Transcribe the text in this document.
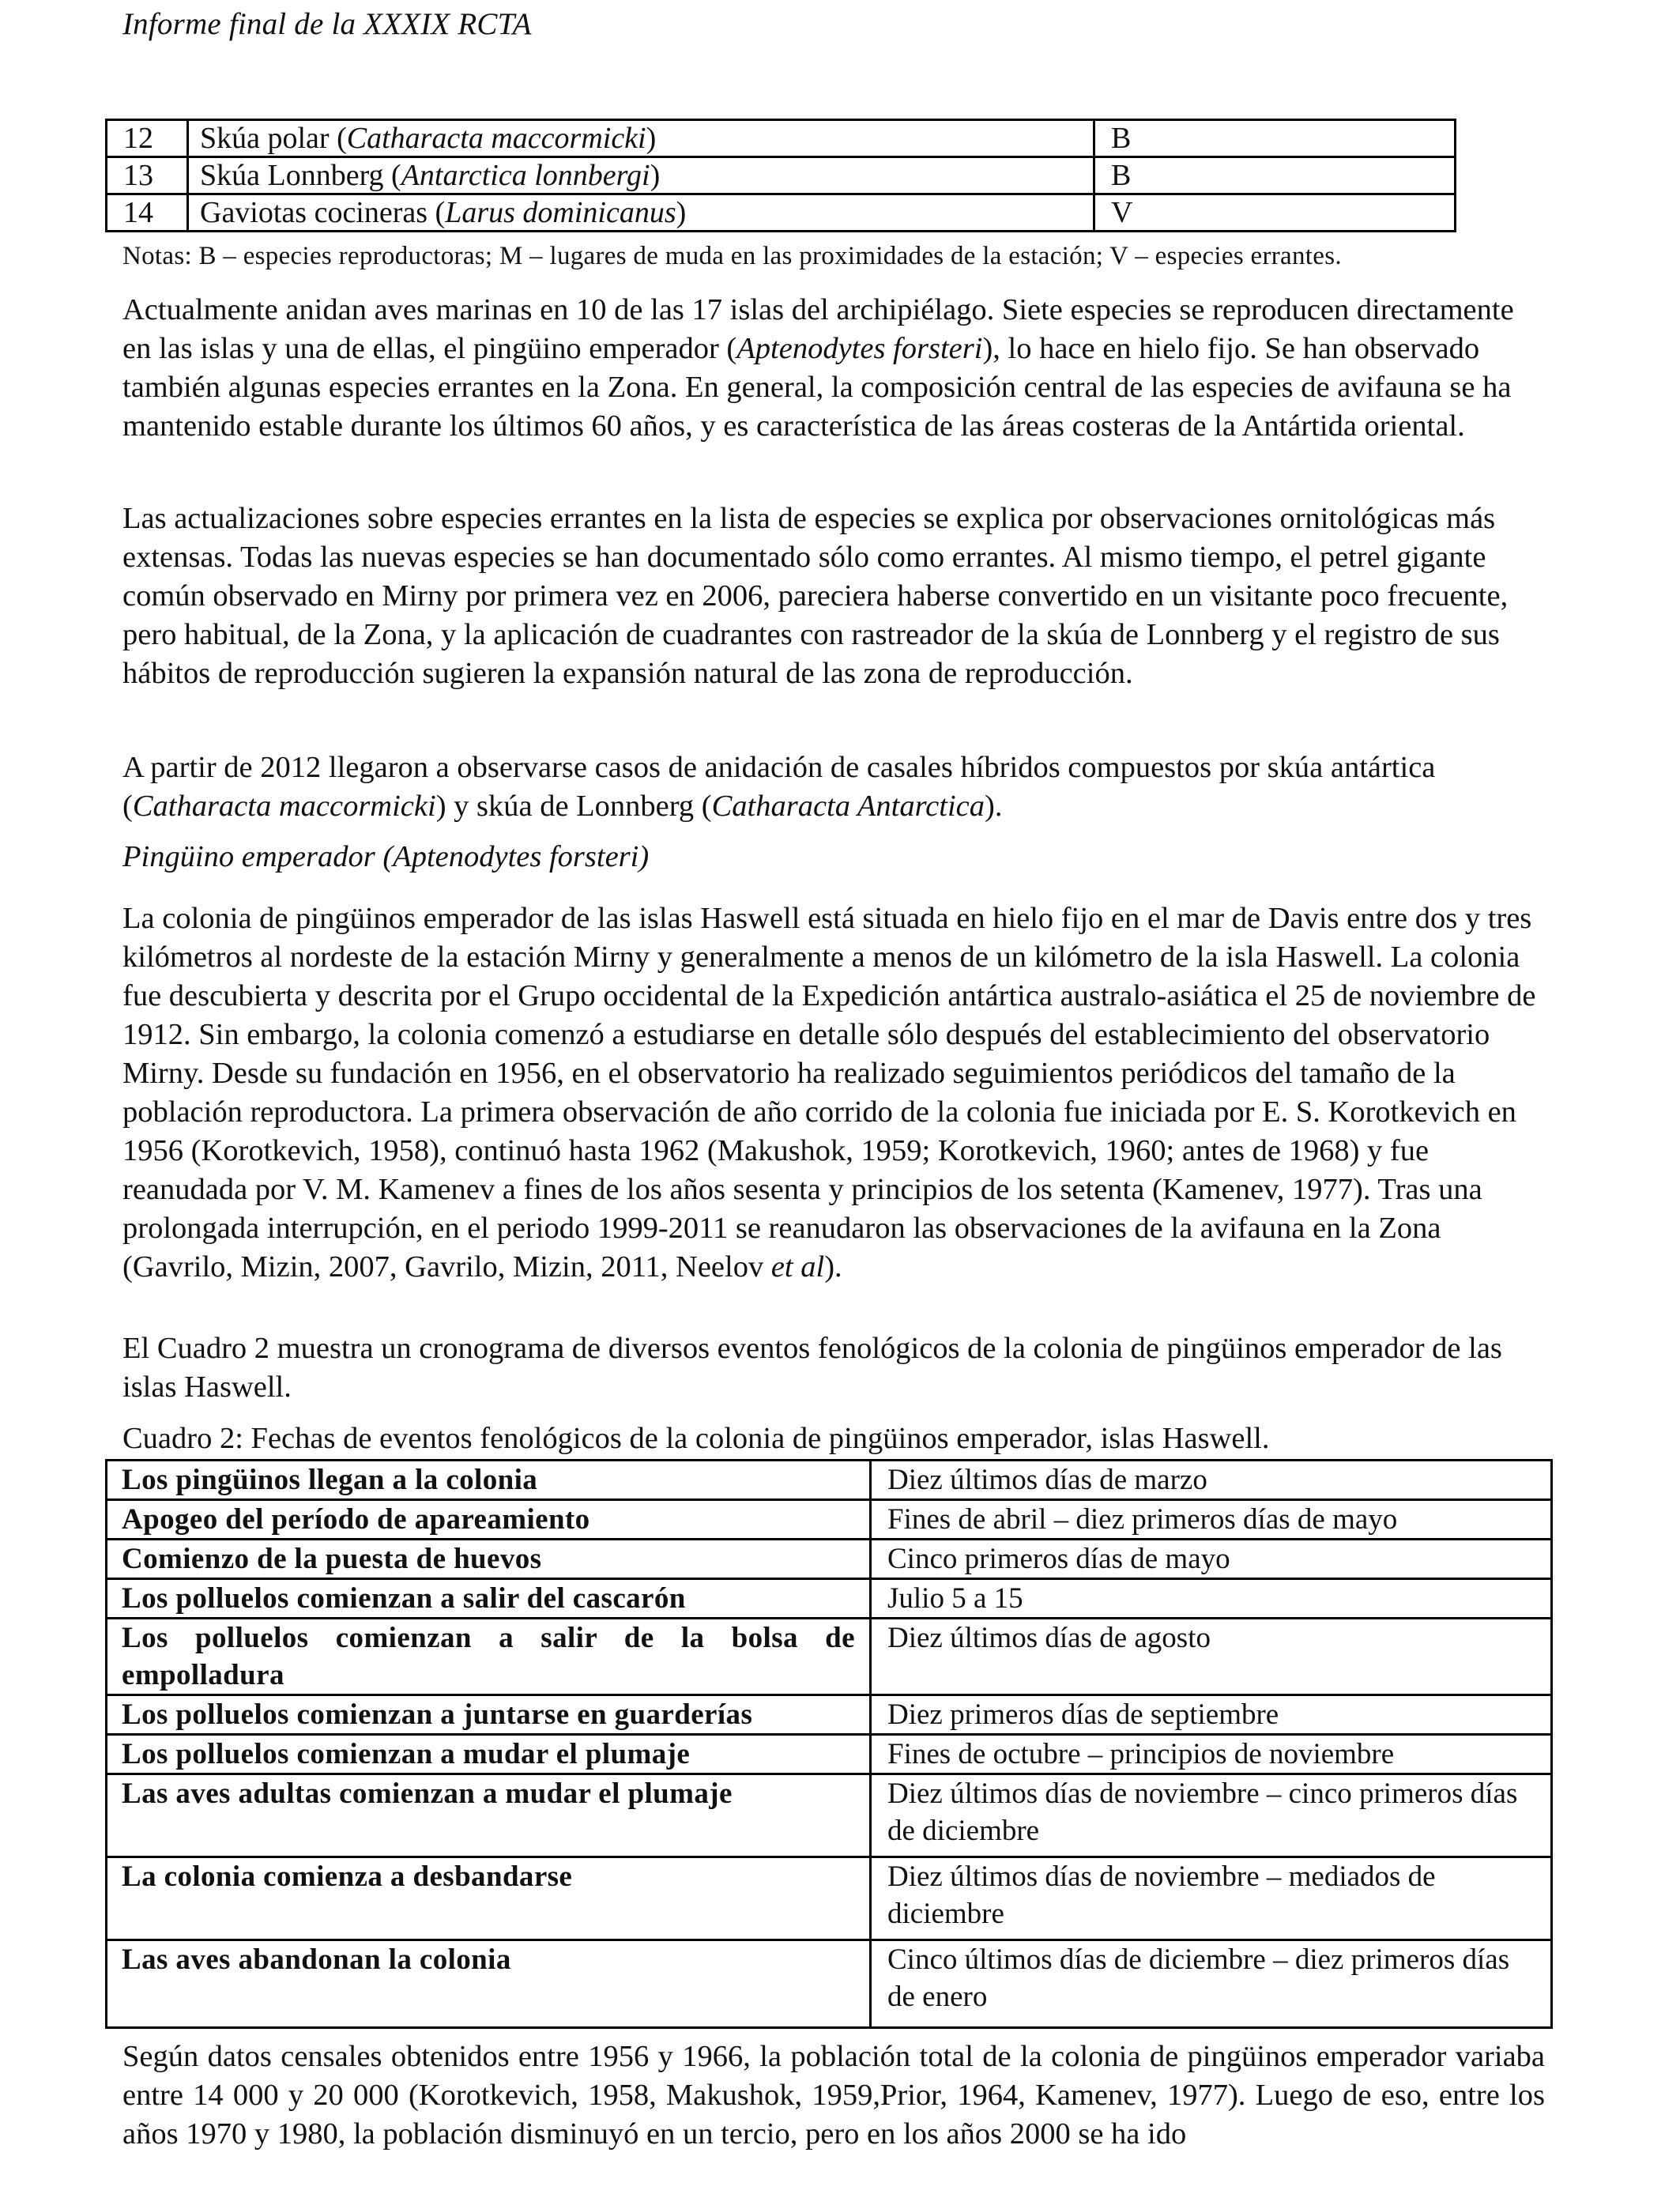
Informe final de la XXXIX RCTA
12	Skúa polar (Catharacta maccormicki)	B
13	Skúa Lonnberg (Antarctica lonnbergi)	B
14	Gaviotas cocineras (Larus dominicanus)	V
Notas: B – especies reproductoras; M – lugares de muda en las proximidades de la estación; V – especies errantes.

Actualmente anidan aves marinas en 10 de las 17 islas del archipiélago. Siete especies se reproducen directamente en las islas y una de ellas, el pingüino emperador (Aptenodytes forsteri), lo hace en hielo fijo. Se han observado también algunas especies errantes en la Zona. En general, la composición central de las especies de avifauna se ha mantenido estable durante los últimos 60 años, y es característica de las áreas costeras de la Antártida oriental.

Las actualizaciones sobre especies errantes en la lista de especies se explica por observaciones ornitológicas más extensas. Todas las nuevas especies se han documentado sólo como errantes. Al mismo tiempo, el petrel gigante común observado en Mirny por primera vez en 2006, pareciera haberse convertido en un visitante poco frecuente, pero habitual, de la Zona, y la aplicación de cuadrantes con rastreador de la skúa de Lonnberg y el registro de sus hábitos de reproducción sugieren la expansión natural de las zona de reproducción.

A partir de 2012 llegaron a observarse casos de anidación de casales híbridos compuestos por skúa antártica (Catharacta maccormicki) y skúa de Lonnberg (Catharacta Antarctica).

Pingüino emperador (Aptenodytes forsteri)

La colonia de pingüinos emperador de las islas Haswell está situada en hielo fijo en el mar de Davis entre dos y tres kilómetros al nordeste de la estación Mirny y generalmente a menos de un kilómetro de la isla Haswell. La colonia fue descubierta y descrita por el Grupo occidental de la Expedición antártica australo-asiática el 25 de noviembre de 1912. Sin embargo, la colonia comenzó a estudiarse en detalle sólo después del establecimiento del observatorio Mirny. Desde su fundación en 1956, en el observatorio ha realizado seguimientos periódicos del tamaño de la población reproductora. La primera observación de año corrido de la colonia fue iniciada por E. S. Korotkevich en 1956 (Korotkevich, 1958), continuó hasta 1962 (Makushok, 1959; Korotkevich, 1960; antes de 1968) y fue reanudada por V. M. Kamenev a fines de los años sesenta y principios de los setenta (Kamenev, 1977). Tras una prolongada interrupción, en el periodo 1999-2011 se reanudaron las observaciones de la avifauna en la Zona (Gavrilo, Mizin, 2007, Gavrilo, Mizin, 2011, Neelov et al).

El Cuadro 2 muestra un cronograma de diversos eventos fenológicos de la colonia de pingüinos emperador de las islas Haswell.

Cuadro 2: Fechas de eventos fenológicos de la colonia de pingüinos emperador, islas Haswell.
Los pingüinos llegan a la colonia	Diez últimos días de marzo
Apogeo del período de apareamiento	Fines de abril – diez primeros días de mayo
Comienzo de la puesta de huevos	Cinco primeros días de mayo
Los polluelos comienzan a salir del cascarón	Julio 5 a 15
Los polluelos comienzan a salir de la bolsa de empolladura	Diez últimos días de agosto
Los polluelos comienzan a juntarse en guarderías	Diez primeros días de septiembre
Los polluelos comienzan a mudar el plumaje	Fines de octubre – principios de noviembre
Las aves adultas comienzan a mudar el plumaje	Diez últimos días de noviembre – cinco primeros días de diciembre
La colonia comienza a desbandarse	Diez últimos días de noviembre – mediados de diciembre
Las aves abandonan la colonia	Cinco últimos días de diciembre – diez primeros días de enero

Según datos censales obtenidos entre 1956 y 1966, la población total de la colonia de pingüinos emperador variaba entre 14 000 y 20 000 (Korotkevich, 1958, Makushok, 1959,Prior, 1964, Kamenev, 1977). Luego de eso, entre los años 1970 y 1980, la población disminuyó en un tercio, pero en los años 2000 se ha ido
